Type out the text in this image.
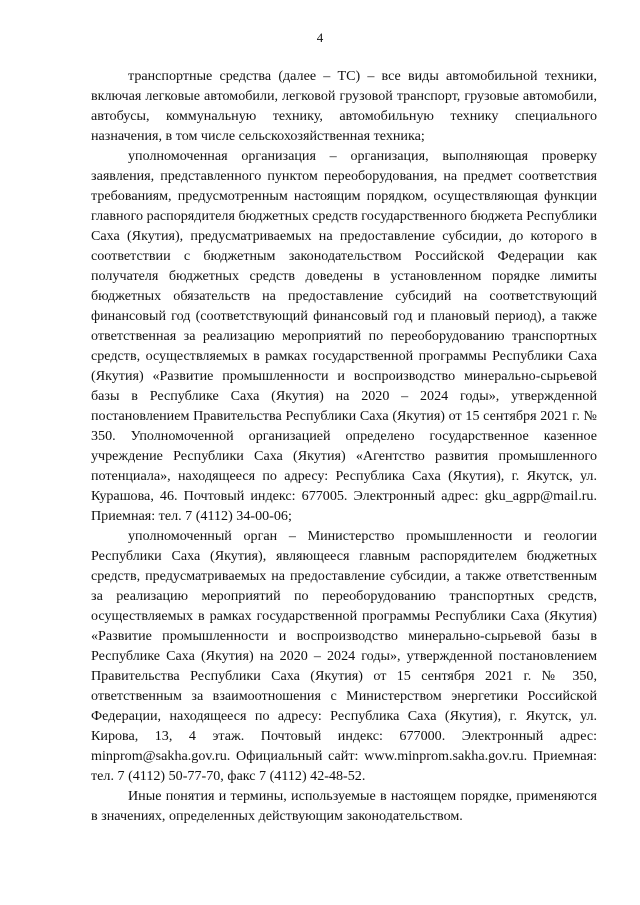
4

транспортные средства (далее – ТС) – все виды автомобильной техники, включая легковые автомобили, легковой грузовой транспорт, грузовые автомобили, автобусы, коммунальную технику, автомобильную технику специального назначения, в том числе сельскохозяйственная техника;

уполномоченная организация – организация, выполняющая проверку заявления, представленного пунктом переоборудования, на предмет соответствия требованиям, предусмотренным настоящим порядком, осуществляющая функции главного распорядителя бюджетных средств государственного бюджета Республики Саха (Якутия), предусматриваемых на предоставление субсидии, до которого в соответствии с бюджетным законодательством Российской Федерации как получателя бюджетных средств доведены в установленном порядке лимиты бюджетных обязательств на предоставление субсидий на соответствующий финансовый год (соответствующий финансовый год и плановый период), а также ответственная за реализацию мероприятий по переоборудованию транспортных средств, осуществляемых в рамках государственной программы Республики Саха (Якутия) «Развитие промышленности и воспроизводство минерально-сырьевой базы в Республике Саха (Якутия) на 2020 – 2024 годы», утвержденной постановлением Правительства Республики Саха (Якутия) от 15 сентября 2021 г. № 350. Уполномоченной организацией определено государственное казенное учреждение Республики Саха (Якутия) «Агентство развития промышленного потенциала», находящееся по адресу: Республика Саха (Якутия), г. Якутск, ул. Курашова, 46. Почтовый индекс: 677005. Электронный адрес: gku_agpp@mail.ru. Приемная: тел. 7 (4112) 34-00-06;

уполномоченный орган – Министерство промышленности и геологии Республики Саха (Якутия), являющееся главным распорядителем бюджетных средств, предусматриваемых на предоставление субсидии, а также ответственным за реализацию мероприятий по переоборудованию транспортных средств, осуществляемых в рамках государственной программы Республики Саха (Якутия) «Развитие промышленности и воспроизводство минерально-сырьевой базы в Республике Саха (Якутия) на 2020 – 2024 годы», утвержденной постановлением Правительства Республики Саха (Якутия) от 15 сентября 2021 г. № 350, ответственным за взаимоотношения с Министерством энергетики Российской Федерации, находящееся по адресу: Республика Саха (Якутия), г. Якутск, ул. Кирова, 13, 4 этаж. Почтовый индекс: 677000. Электронный адрес: minprom@sakha.gov.ru. Официальный сайт: www.minprom.sakha.gov.ru. Приемная: тел. 7 (4112) 50-77-70, факс 7 (4112) 42-48-52.

Иные понятия и термины, используемые в настоящем порядке, применяются в значениях, определенных действующим законодательством.
